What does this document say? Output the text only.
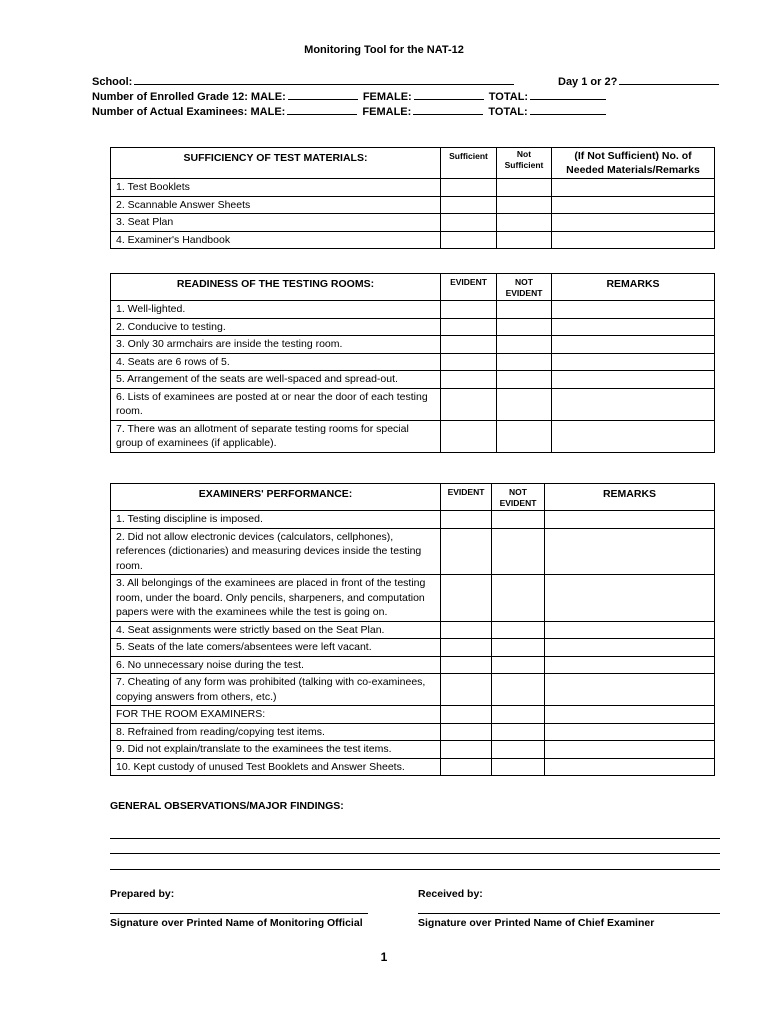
Monitoring Tool for the NAT-12
School:	Day 1 or 2?
Number of Enrolled Grade 12: MALE:	FEMALE:	TOTAL:
Number of Actual Examinees: MALE:	FEMALE:	TOTAL:
SUFFICIENCY OF TEST MATERIALS:	Sufficient	Not Sufficient	(If Not Sufficient) No. of Needed Materials/Remarks
1. Test Booklets			
2. Scannable Answer Sheets			
3. Seat Plan			
4. Examiner's Handbook			
READINESS OF THE TESTING ROOMS:	EVIDENT	NOT EVIDENT	REMARKS
1. Well-lighted.			
2. Conducive to testing.			
3. Only 30 armchairs are inside the testing room.			
4. Seats are 6 rows of 5.			
5. Arrangement of the seats are well-spaced and spread-out.			
6. Lists of examinees are posted at or near the door of each testing room.			
7. There was an allotment of separate testing rooms for special group of examinees (if applicable).			
EXAMINERS' PERFORMANCE:	EVIDENT	NOT EVIDENT	REMARKS
1. Testing discipline is imposed.			
2. Did not allow electronic devices (calculators, cellphones), references (dictionaries) and measuring devices inside the testing room.			
3. All belongings of the examinees are placed in front of the testing room, under the board. Only pencils, sharpeners, and computation papers were with the examinees while the test is going on.			
4. Seat assignments were strictly based on the Seat Plan.			
5. Seats of the late comers/absentees were left vacant.			
6. No unnecessary noise during the test.			
7. Cheating of any form was prohibited (talking with co-examinees, copying answers from others, etc.)			
FOR THE ROOM EXAMINERS:			
8. Refrained from reading/copying test items.			
9. Did not explain/translate to the examinees the test items.			
10. Kept custody of unused Test Booklets and Answer Sheets.			
GENERAL OBSERVATIONS/MAJOR FINDINGS:
Prepared by:	Received by:
Signature over Printed Name of Monitoring Official	Signature over Printed Name of Chief Examiner
1
